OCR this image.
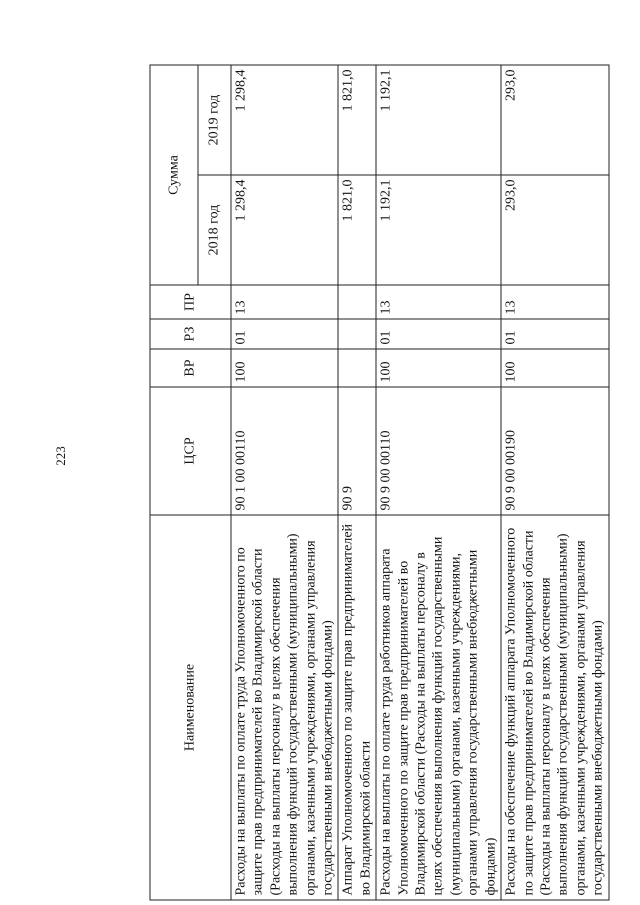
223
Наименование	ЦСР	ВР	РЗ	ПР	Сумма	
					2018 год	2019 год
Расходы на выплаты по оплате труда Уполномоченного по защите прав предпринимателей во Владимирской области (Расходы на выплаты персоналу в целях обеспечения выполнения функций государственными (муниципальными) органами, казенными учреждениями, органами управления государственными внебюджетными фондами)	90 1 00 00110	100	01	13	1 298,4	1 298,4
Аппарат Уполномоченного по защите прав предпринимателей во Владимирской области	90 9				1 821,0	1 821,0
Расходы на выплаты по оплате труда работников аппарата Уполномоченного по защите прав предпринимателей во Владимирской области (Расходы на выплаты персоналу в целях обеспечения выполнения функций государственными (муниципальными) органами, казенными учреждениями, органами управления государственными внебюджетными фондами)	90 9 00 00110	100	01	13	1 192,1	1 192,1
Расходы на обеспечение функций аппарата Уполномоченного по защите прав предпринимателей во Владимирской области (Расходы на выплаты персоналу в целях обеспечения выполнения функций государственными (муниципальными) органами, казенными учреждениями, органами управления государственными внебюджетными фондами)	90 9 00 00190	100	01	13	293,0	293,0
